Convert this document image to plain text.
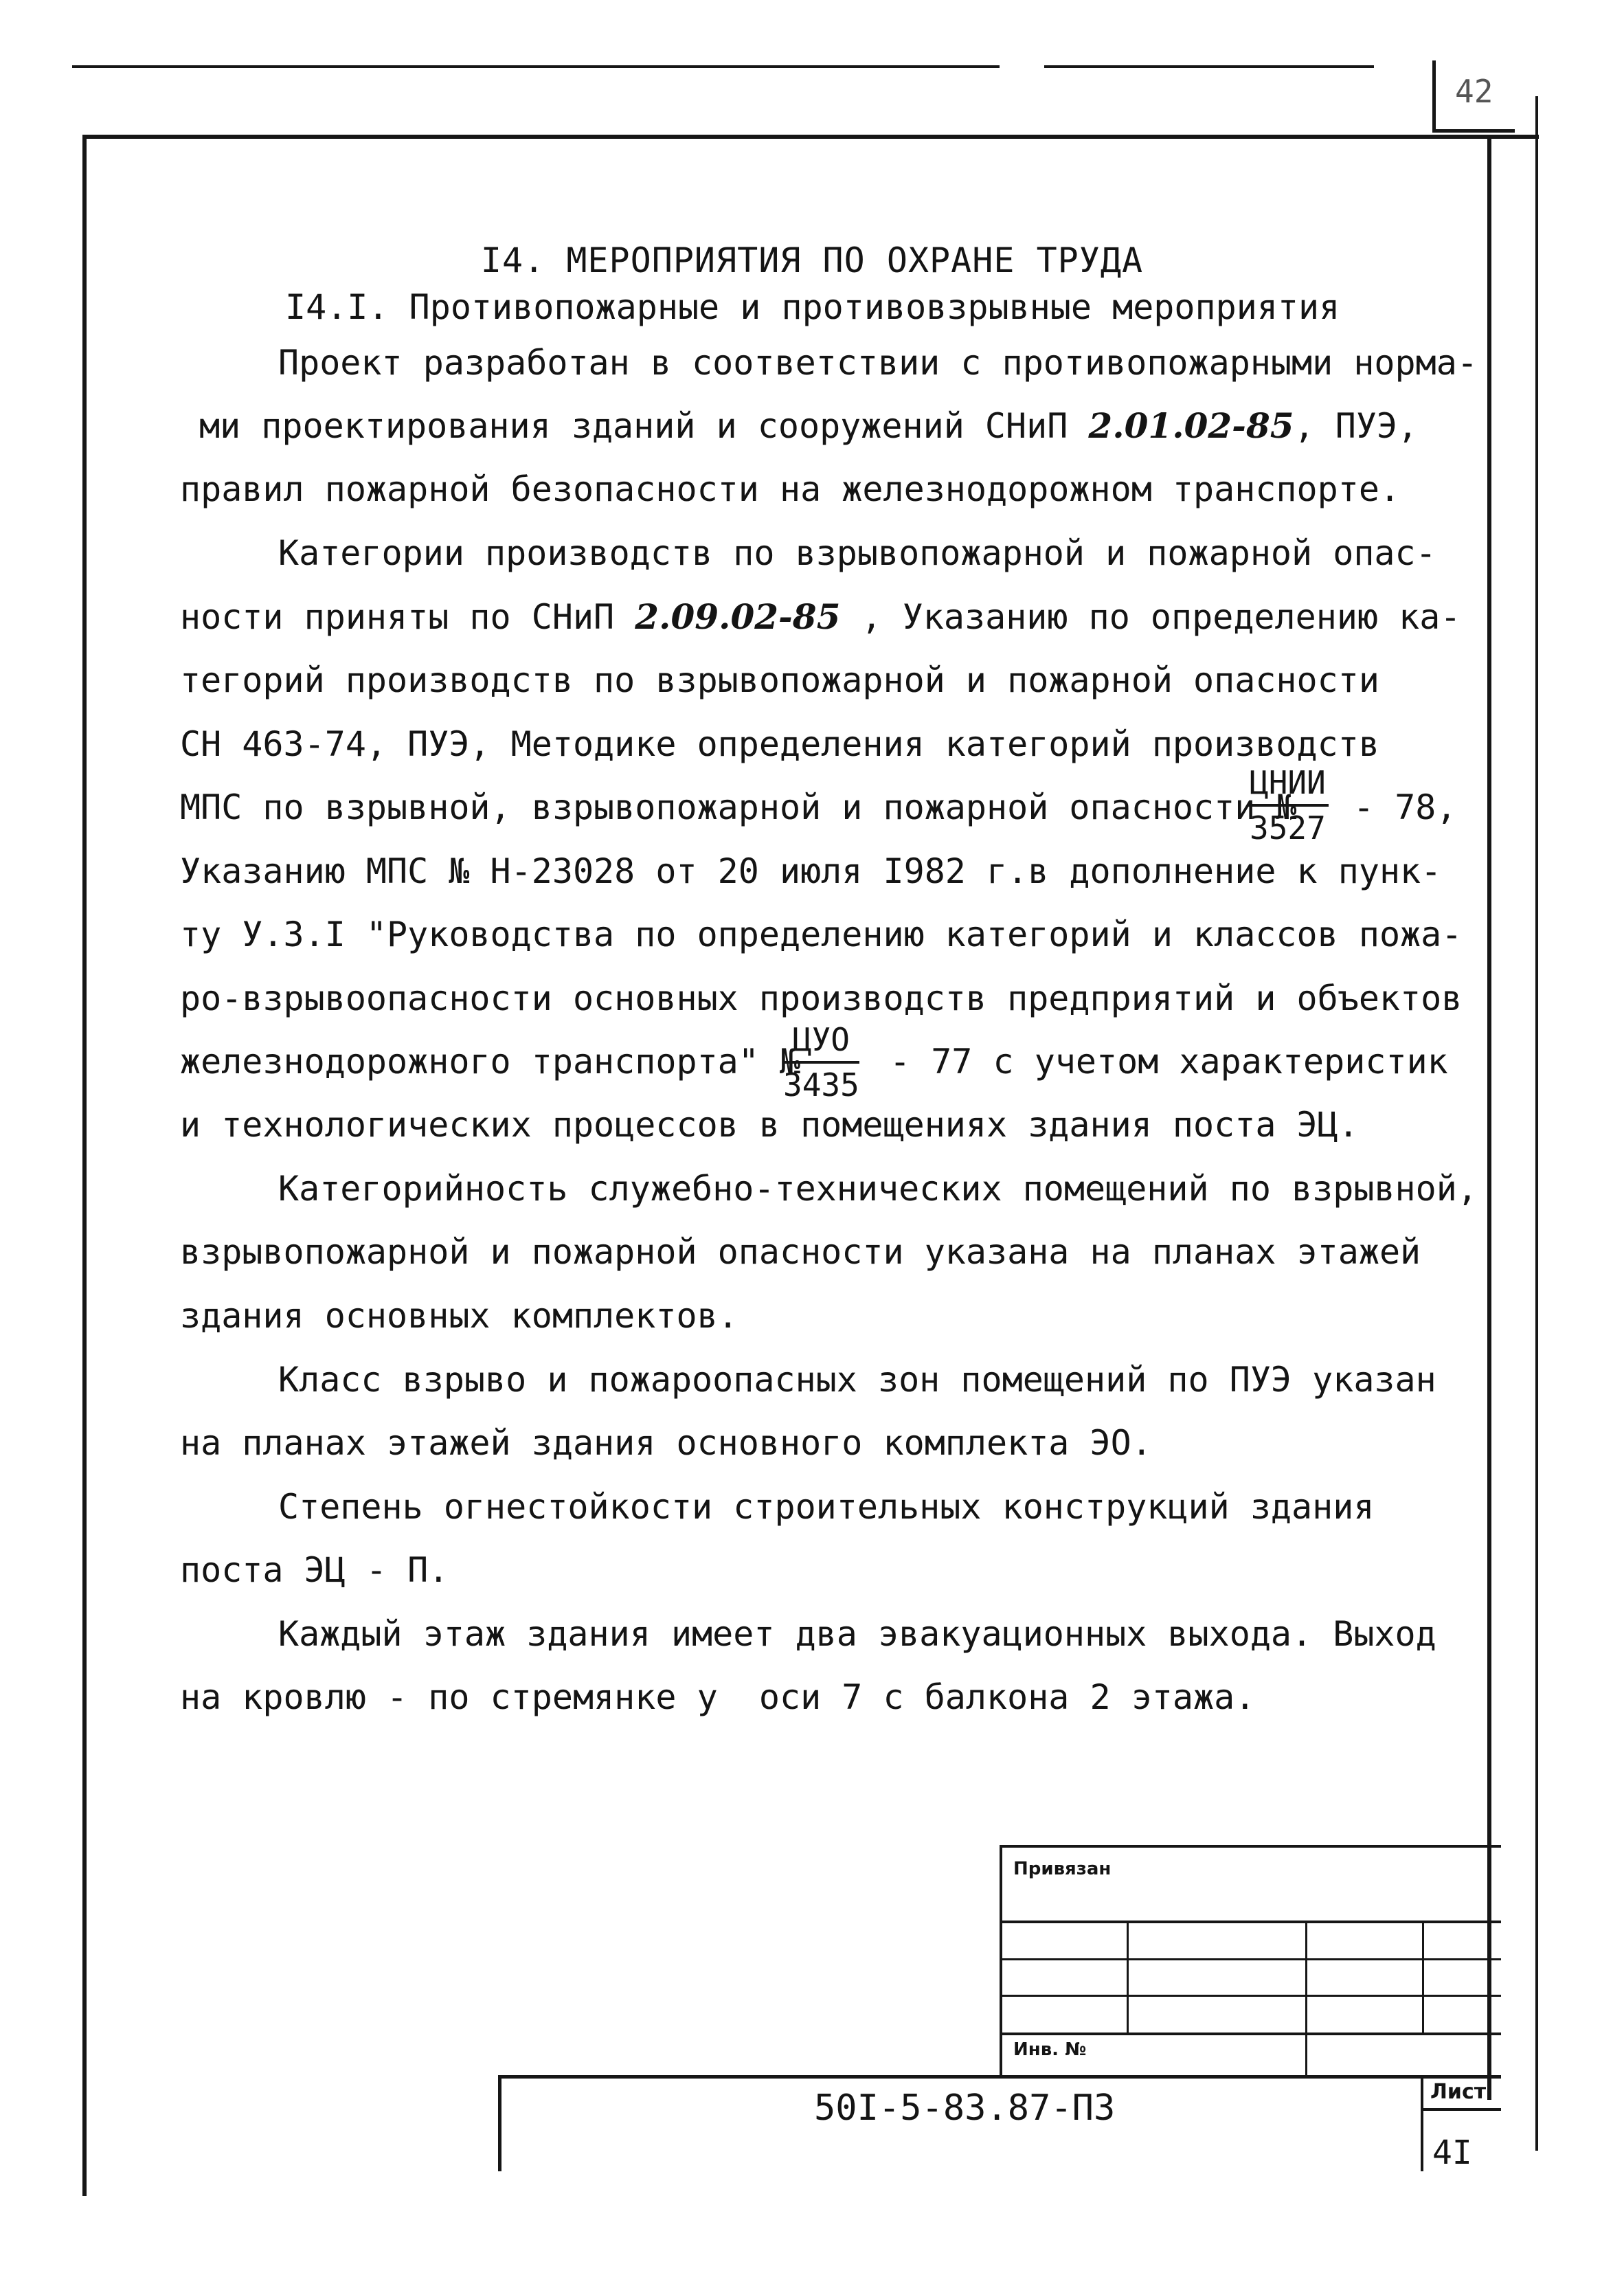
42
I4. МЕРОПРИЯТИЯ ПО ОХРАНЕ ТРУДА
I4.I. Противопожарные и противовзрывные мероприятия
Проект разработан в соответствии с противопожарными норма-
ми проектирования зданий и сооружений СНиП 2.01.02-85, ПУЭ,
правил пожарной безопасности на железнодорожном транспорте.
Категории производств по взрывопожарной и пожарной опас-
ности приняты по СНиП 2.09.02-85 , Указанию по определению ка-
тегорий производств по взрывопожарной и пожарной опасности
СН 463-74, ПУЭ, Методике определения категорий производств
МПС по взрывной, взрывопожарной и пожарной опасности №
ЦНИИ
3527
- 78,
Указанию МПС № Н-23028 от 20 июля I982 г.в дополнение к пунк-
ту У.3.I "Руководства по определению категорий и классов пожа-
ро-взрывоопасности основных производств предприятий и объектов
железнодорожного транспорта" №
ЦУО
3435
- 77 с учетом характеристик
и технологических процессов в помещениях здания поста ЭЦ.
Категорийность служебно-технических помещений по взрывной,
взрывопожарной и пожарной опасности указана на планах этажей
здания основных комплектов.
Класс взрыво и пожароопасных зон помещений по ПУЭ указан
на планах этажей здания основного комплекта ЭО.
Степень огнестойкости строительных конструкций здания
поста ЭЦ - П.
Каждый этаж здания имеет два эвакуационных выхода. Выход
на кровлю - по стремянке у  оси 7 с балкона 2 этажа.
Привязан
Инв. №
Лист
50I-5-83.87-ПЗ
4I
